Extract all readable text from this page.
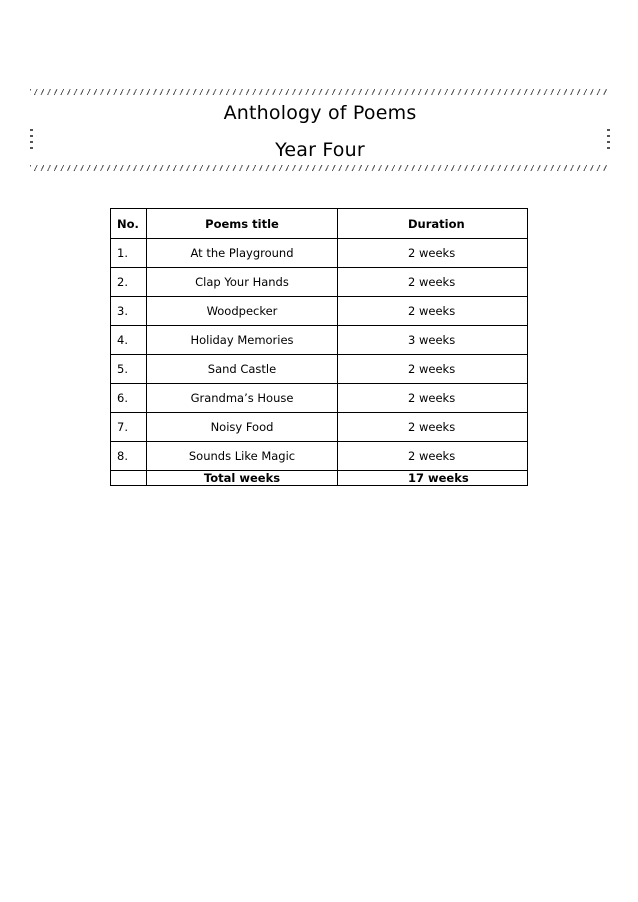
Anthology of Poems
Year Four
No.	Poems title	Duration
1.	At the Playground	2 weeks
2.	Clap Your Hands	2 weeks
3.	Woodpecker	2 weeks
4.	Holiday Memories	3 weeks
5.	Sand Castle	2 weeks
6.	Grandma’s House	2 weeks
7.	Noisy Food	2 weeks
8.	Sounds Like Magic	2 weeks
	Total weeks	17 weeks
